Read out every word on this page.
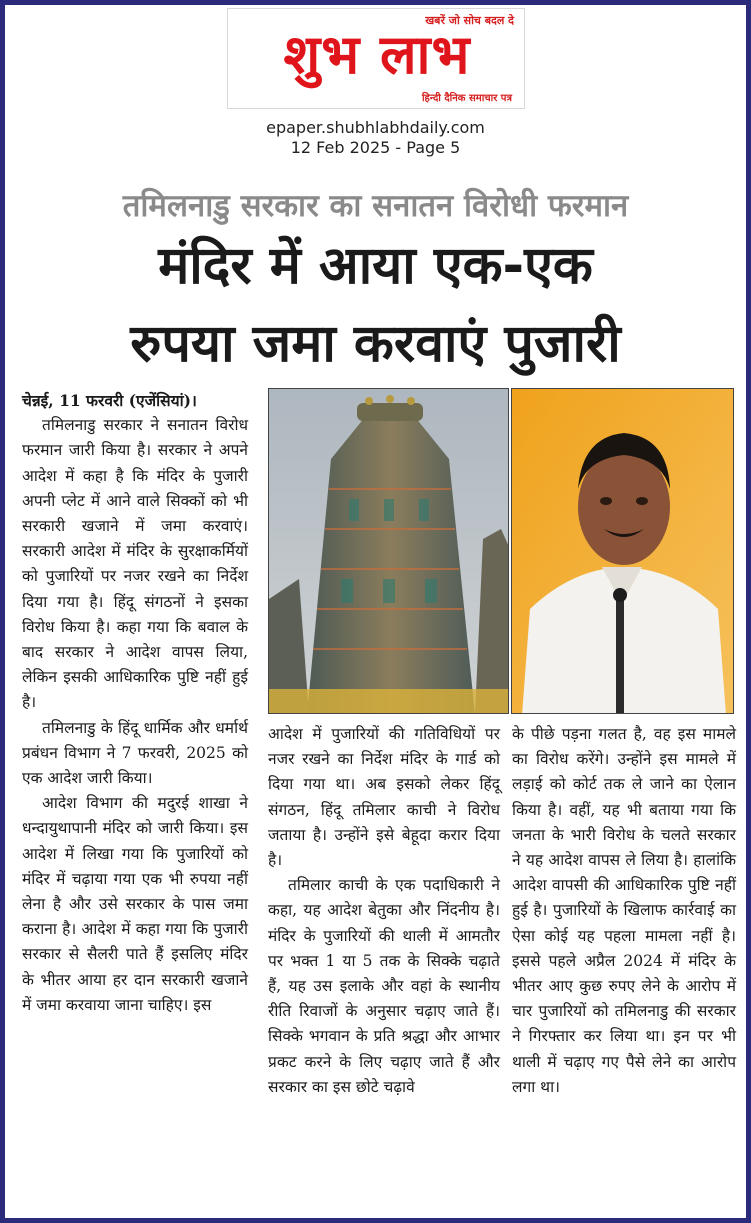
खबरें जो सोच बदल दे
शुभ लाभ
हिन्दी दैनिक समाचार पत्र
epaper.shubhlabhdaily.com
12 Feb 2025 - Page 5
तमिलनाडु सरकार का सनातन विरोधी फरमान
मंदिर में आया एक-एक
रुपया जमा करवाएं पुजारी

चेन्नई, 11 फरवरी (एजेंसियां)।

तमिलनाडु सरकार ने सनातन विरोध फरमान जारी किया है। सरकार ने अपने आदेश में कहा है कि मंदिर के पुजारी अपनी प्लेट में आने वाले सिक्कों को भी सरकारी खजाने में जमा करवाएं। सरकारी आदेश में मंदिर के सुरक्षाकर्मियों को पुजारियों पर नजर रखने का निर्देश दिया गया है। हिंदू संगठनों ने इसका विरोध किया है। कहा गया कि बवाल के बाद सरकार ने आदेश वापस लिया, लेकिन इसकी आधिकारिक पुष्टि नहीं हुई है।

तमिलनाडु के हिंदू धार्मिक और धर्मार्थ प्रबंधन विभाग ने 7 फरवरी, 2025 को एक आदेश जारी किया।

आदेश विभाग की मदुरई शाखा ने धन्दायुथापानी मंदिर को जारी किया। इस आदेश में लिखा गया कि पुजारियों को मंदिर में चढ़ाया गया एक भी रुपया नहीं लेना है और उसे सरकार के पास जमा कराना है। आदेश में कहा गया कि पुजारी सरकार से सैलरी पाते हैं इसलिए मंदिर के भीतर आया हर दान सरकारी खजाने में जमा करवाया जाना चाहिए। इस

आदेश में पुजारियों की गतिविधियों पर नजर रखने का निर्देश मंदिर के गार्ड को दिया गया था। अब इसको लेकर हिंदू संगठन, हिंदू तमिलार काची ने विरोध जताया है। उन्होंने इसे बेहूदा करार दिया है।

तमिलार काची के एक पदाधिकारी ने कहा, यह आदेश बेतुका और निंदनीय है। मंदिर के पुजारियों की थाली में आमतौर पर भक्त 1 या 5 तक के सिक्के चढ़ाते हैं, यह उस इलाके और वहां के स्थानीय रीति रिवाजों के अनुसार चढ़ाए जाते हैं। सिक्के भगवान के प्रति श्रद्धा और आभार प्रकट करने के लिए चढ़ाए जाते हैं और सरकार का इस छोटे चढ़ावे

के पीछे पड़ना गलत है, वह इस मामले का विरोध करेंगे। उन्होंने इस मामले में लड़ाई को कोर्ट तक ले जाने का ऐलान किया है। वहीं, यह भी बताया गया कि जनता के भारी विरोध के चलते सरकार ने यह आदेश वापस ले लिया है। हालांकि आदेश वापसी की आधिकारिक पुष्टि नहीं हुई है। पुजारियों के खिलाफ कार्रवाई का ऐसा कोई यह पहला मामला नहीं है। इससे पहले अप्रैल 2024 में मंदिर के भीतर आए कुछ रुपए लेने के आरोप में चार पुजारियों को तमिलनाडु की सरकार ने गिरफ्तार कर लिया था। इन पर भी थाली में चढ़ाए गए पैसे लेने का आरोप लगा था।
